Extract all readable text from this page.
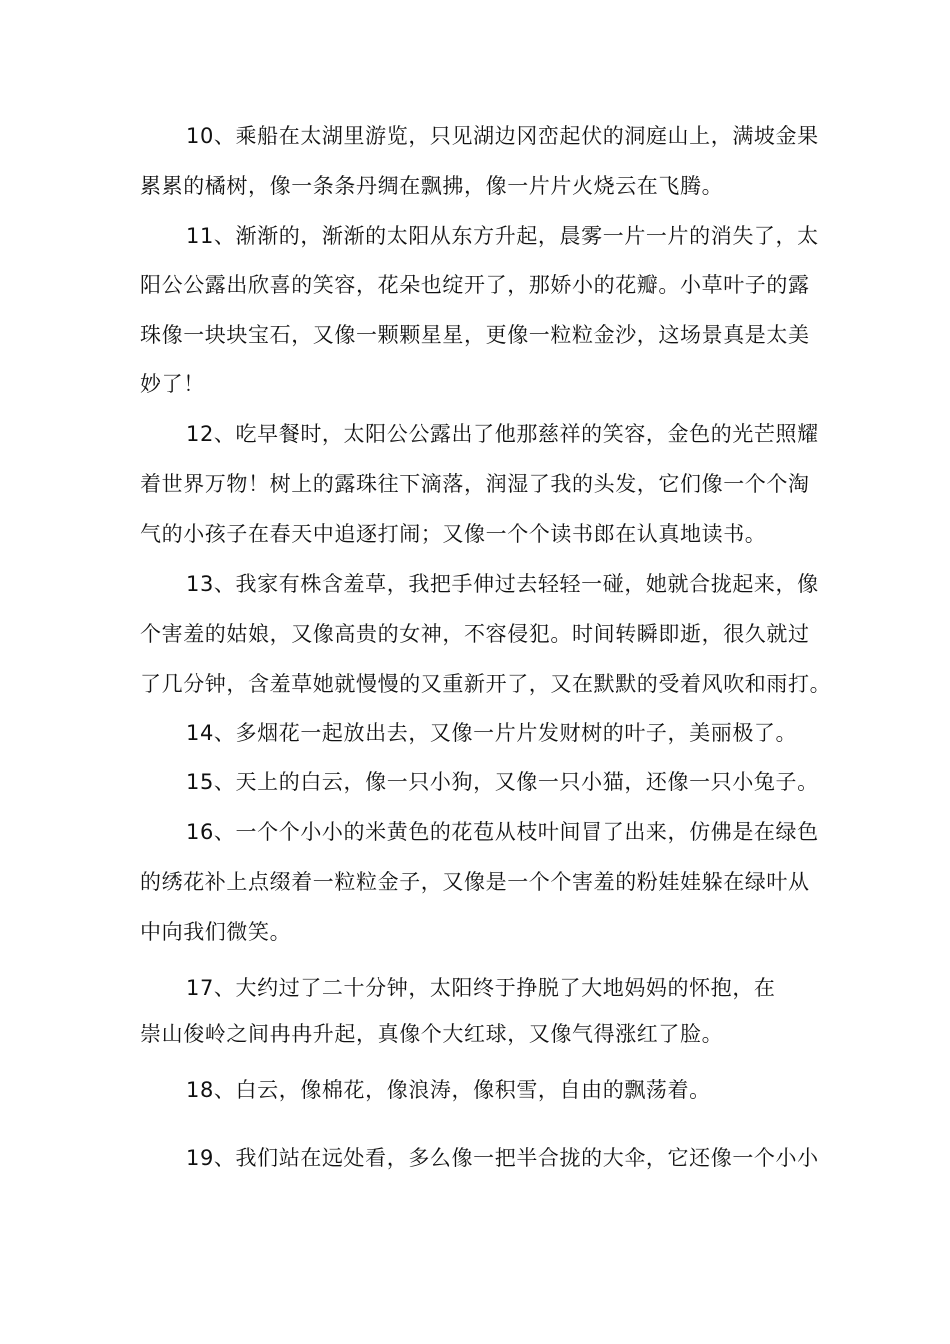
10、乘船在太湖里游览，只见湖边冈峦起伏的洞庭山上，满坡金果
累累的橘树，像一条条丹绸在飘拂，像一片片火烧云在飞腾。
11、渐渐的，渐渐的太阳从东方升起，晨雾一片一片的消失了，太
阳公公露出欣喜的笑容，花朵也绽开了，那娇小的花瓣。小草叶子的露
珠像一块块宝石，又像一颗颗星星，更像一粒粒金沙，这场景真是太美
妙了！
12、吃早餐时，太阳公公露出了他那慈祥的笑容，金色的光芒照耀
着世界万物！树上的露珠往下滴落，润湿了我的头发，它们像一个个淘
气的小孩子在春天中追逐打闹；又像一个个读书郎在认真地读书。
13、我家有株含羞草，我把手伸过去轻轻一碰，她就合拢起来，像
个害羞的姑娘，又像高贵的女神，不容侵犯。时间转瞬即逝，很久就过
了几分钟，含羞草她就慢慢的又重新开了，又在默默的受着风吹和雨打。
14、多烟花一起放出去，又像一片片发财树的叶子，美丽极了。
15、天上的白云，像一只小狗，又像一只小猫，还像一只小兔子。
16、一个个小小的米黄色的花苞从枝叶间冒了出来，仿佛是在绿色
的绣花补上点缀着一粒粒金子，又像是一个个害羞的粉娃娃躲在绿叶从
中向我们微笑。
17、大约过了二十分钟，太阳终于挣脱了大地妈妈的怀抱，在
崇山俊岭之间冉冉升起，真像个大红球，又像气得涨红了脸。
18、白云，像棉花，像浪涛，像积雪，自由的飘荡着。
19、我们站在远处看，多么像一把半合拢的大伞，它还像一个小小
